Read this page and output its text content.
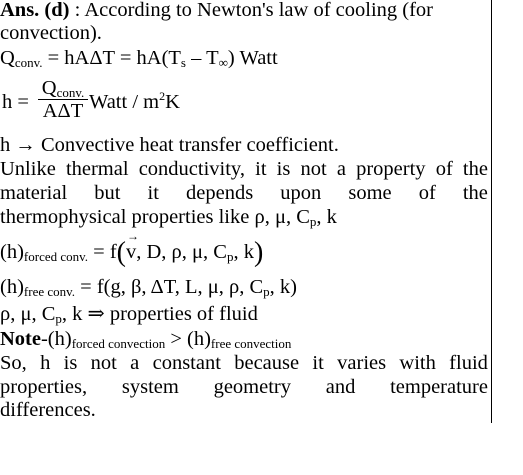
Ans. (d) : According to Newton's law of cooling (for
convection).
$Q_{conv.} = hA\Delta T = hA(T_s - T_\infty)$ Watt
h =
$Q_{conv.}$
AΔT Watt / $m^2K$
h → Convective heat transfer coefficient.
Unlike thermal conductivity, it is not a property of the
material but it depends upon some of the
thermophysical properties like ρ, μ, $C_p$, k
$(h)_{forced conv.} = f$(
→
v, D, ρ, μ, $C_p$, k)
$(h)_{free conv.} = f(g$, β, ΔT, L, μ, ρ, $C_p$, k)
ρ, μ, $C_p$, k ⇒ properties of fluid
Note-$(h)_{forced convection} > (h)_{free convection}$
So, h is not a constant because it varies with fluid
properties, system geometry and temperature
differences.
